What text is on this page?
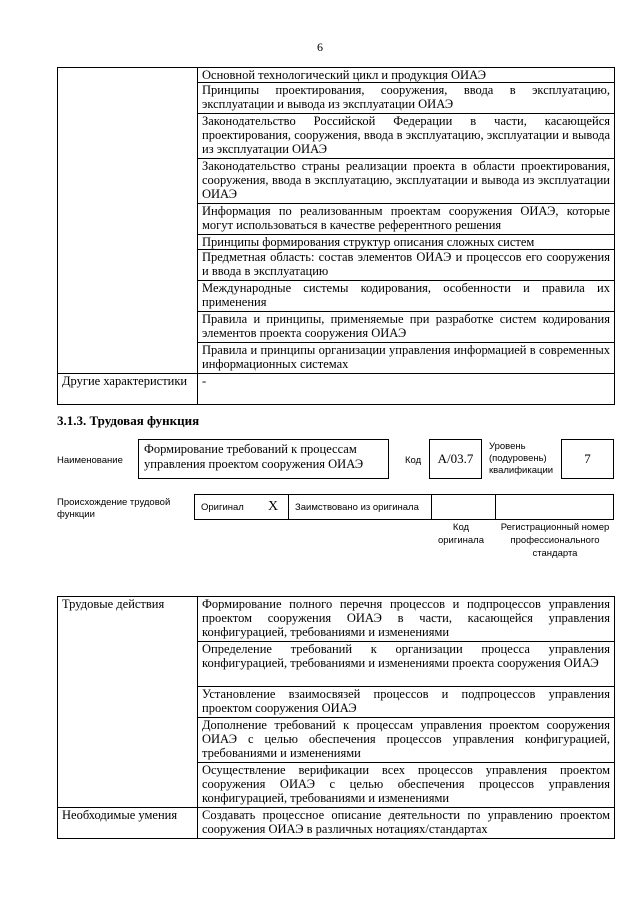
6
	Основной технологический цикл и продукция ОИАЭ
	Принципы проектирования, сооружения, ввода в эксплуатацию, эксплуатации и вывода из эксплуатации ОИАЭ
	Законодательство Российской Федерации в части, касающейся проектирования, сооружения, ввода в эксплуатацию, эксплуатации и вывода из эксплуатации ОИАЭ
	Законодательство страны реализации проекта в области проектирования, сооружения, ввода в эксплуатацию, эксплуатации и вывода из эксплуатации ОИАЭ
	Информация по реализованным проектам сооружения ОИАЭ, которые могут использоваться в качестве референтного решения
	Принципы формирования структур описания сложных систем
	Предметная область: состав элементов ОИАЭ и процессов его сооружения и ввода в эксплуатацию
	Международные системы кодирования, особенности и правила их применения
	Правила и принципы, применяемые при разработке систем кодирования элементов проекта сооружения ОИАЭ
	Правила и принципы организации управления информацией в современных информационных системах
Другие характеристики	-
3.1.3. Трудовая функция
Наименование
Формирование требований к процессам управления проектом сооружения ОИАЭ	Код	A/03.7
Уровень (подуровень) квалификации
7
Происхождение трудовой функции
Оригинал X Заимствовано из оригинала
Код оригинала
Регистрационный номер профессионального стандарта
Трудовые действия	Формирование полного перечня процессов и подпроцессов управления проектом сооружения ОИАЭ в части, касающейся управления конфигурацией, требованиями и изменениями
	Определение требований к организации процесса управления конфигурацией, требованиями и изменениями проекта сооружения ОИАЭ
	Установление взаимосвязей процессов и подпроцессов управления проектом сооружения ОИАЭ
	Дополнение требований к процессам управления проектом сооружения ОИАЭ с целью обеспечения процессов управления конфигурацией, требованиями и изменениями
	Осуществление верификации всех процессов управления проектом сооружения ОИАЭ с целью обеспечения процессов управления конфигурацией, требованиями и изменениями
Необходимые умения	Создавать процессное описание деятельности по управлению проектом сооружения ОИАЭ в различных нотациях/стандартах
